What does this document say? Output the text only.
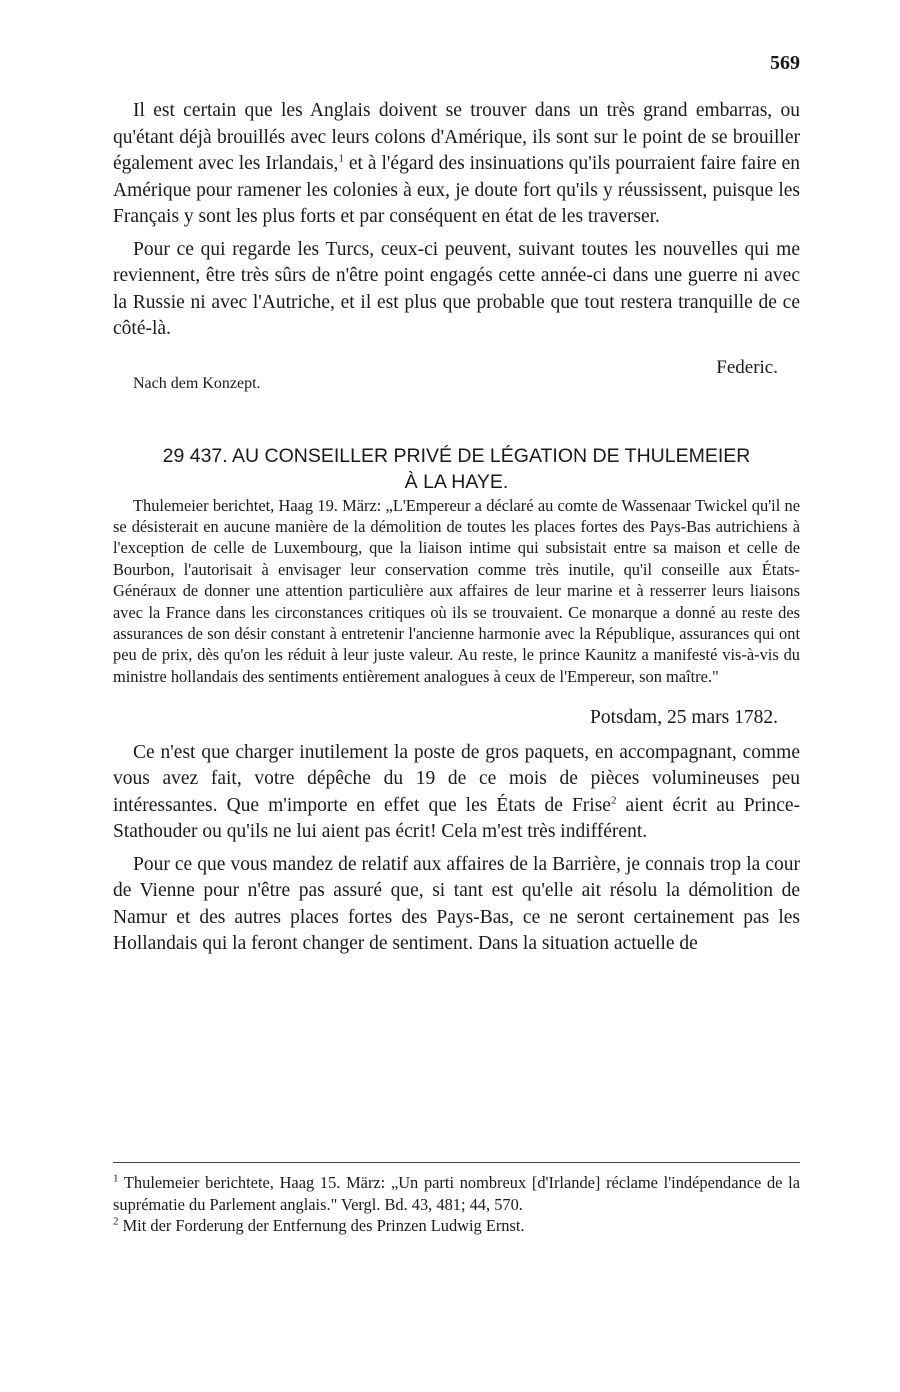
569

Il est certain que les Anglais doivent se trouver dans un très grand embarras, ou qu'étant déjà brouillés avec leurs colons d'Amérique, ils sont sur le point de se brouiller également avec les Irlandais,$^1$ et à l'égard des insinuations qu'ils pourraient faire faire en Amérique pour ramener les colonies à eux, je doute fort qu'ils y réussissent, puisque les Français y sont les plus forts et par conséquent en état de les traverser.

Pour ce qui regarde les Turcs, ceux-ci peuvent, suivant toutes les nouvelles qui me reviennent, être très sûrs de n'être point engagés cette année-ci dans une guerre ni avec la Russie ni avec l'Autriche, et il est plus que probable que tout restera tranquille de ce côté-là.

Nach dem Konzept.
Federic.
29 437. AU CONSEILLER PRIVÉ DE LÉGATION DE THULEMEIER
À LA HAYE.

Thulemeier berichtet, Haag 19. März: „L'Empereur a déclaré au comte de Wassenaar Twickel qu'il ne se désisterait en aucune manière de la démolition de toutes les places fortes des Pays-Bas autrichiens à l'exception de celle de Luxembourg, que la liaison intime qui subsistait entre sa maison et celle de Bourbon, l'autorisait à envisager leur conservation comme très inutile, qu'il conseille aux États-Généraux de donner une attention particulière aux affaires de leur marine et à resserrer leurs liaisons avec la France dans les circonstances critiques où ils se trouvaient. Ce monarque a donné au reste des assurances de son désir constant à entretenir l'ancienne harmonie avec la République, assurances qui ont peu de prix, dès qu'on les réduit à leur juste valeur. Au reste, le prince Kaunitz a manifesté vis-à-vis du ministre hollandais des sentiments entièrement analogues à ceux de l'Empereur, son maître."

Potsdam, 25 mars 1782.

Ce n'est que charger inutilement la poste de gros paquets, en accompagnant, comme vous avez fait, votre dépêche du 19 de ce mois de pièces volumineuses peu intéressantes. Que m'importe en effet que les États de Frise$^2$ aient écrit au Prince-Stathouder ou qu'ils ne lui aient pas écrit! Cela m'est très indifférent.

Pour ce que vous mandez de relatif aux affaires de la Barrière, je connais trop la cour de Vienne pour n'être pas assuré que, si tant est qu'elle ait résolu la démolition de Namur et des autres places fortes des Pays-Bas, ce ne seront certainement pas les Hollandais qui la feront changer de sentiment. Dans la situation actuelle de

$^1$ Thulemeier berichtete, Haag 15. März: „Un parti nombreux [d'Irlande] réclame l'indépendance de la suprématie du Parlement anglais." Vergl. Bd. 43, 481; 44, 570.

$^2$ Mit der Forderung der Entfernung des Prinzen Ludwig Ernst.
